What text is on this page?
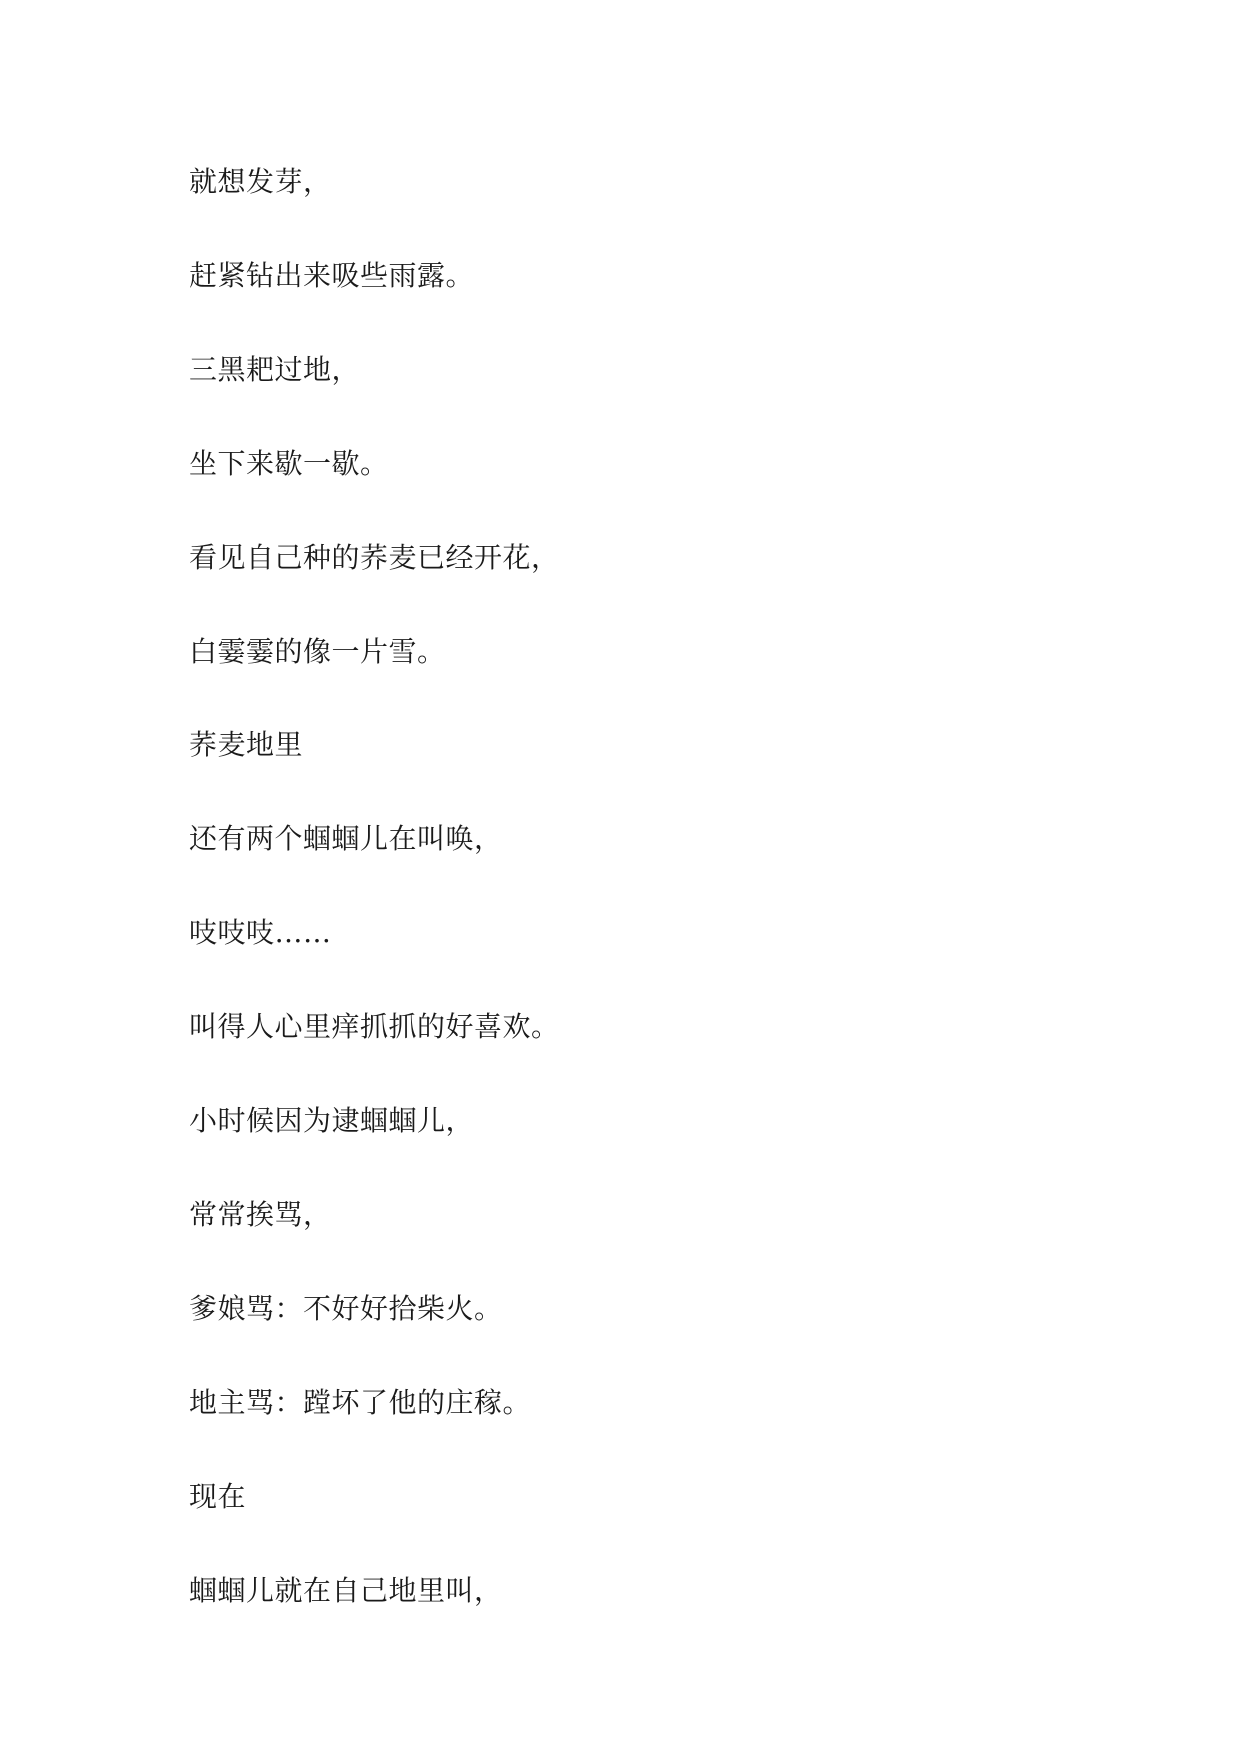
就想发芽，
赶紧钻出来吸些雨露。
三黑耙过地，
坐下来歇一歇。
看见自己种的荞麦已经开花，
白霎霎的像一片雪。
荞麦地里
还有两个蝈蝈儿在叫唤，
吱吱吱……
叫得人心里痒抓抓的好喜欢。
小时候因为逮蝈蝈儿，
常常挨骂，
爹娘骂：不好好拾柴火。
地主骂：蹚坏了他的庄稼。
现在
蝈蝈儿就在自己地里叫，
